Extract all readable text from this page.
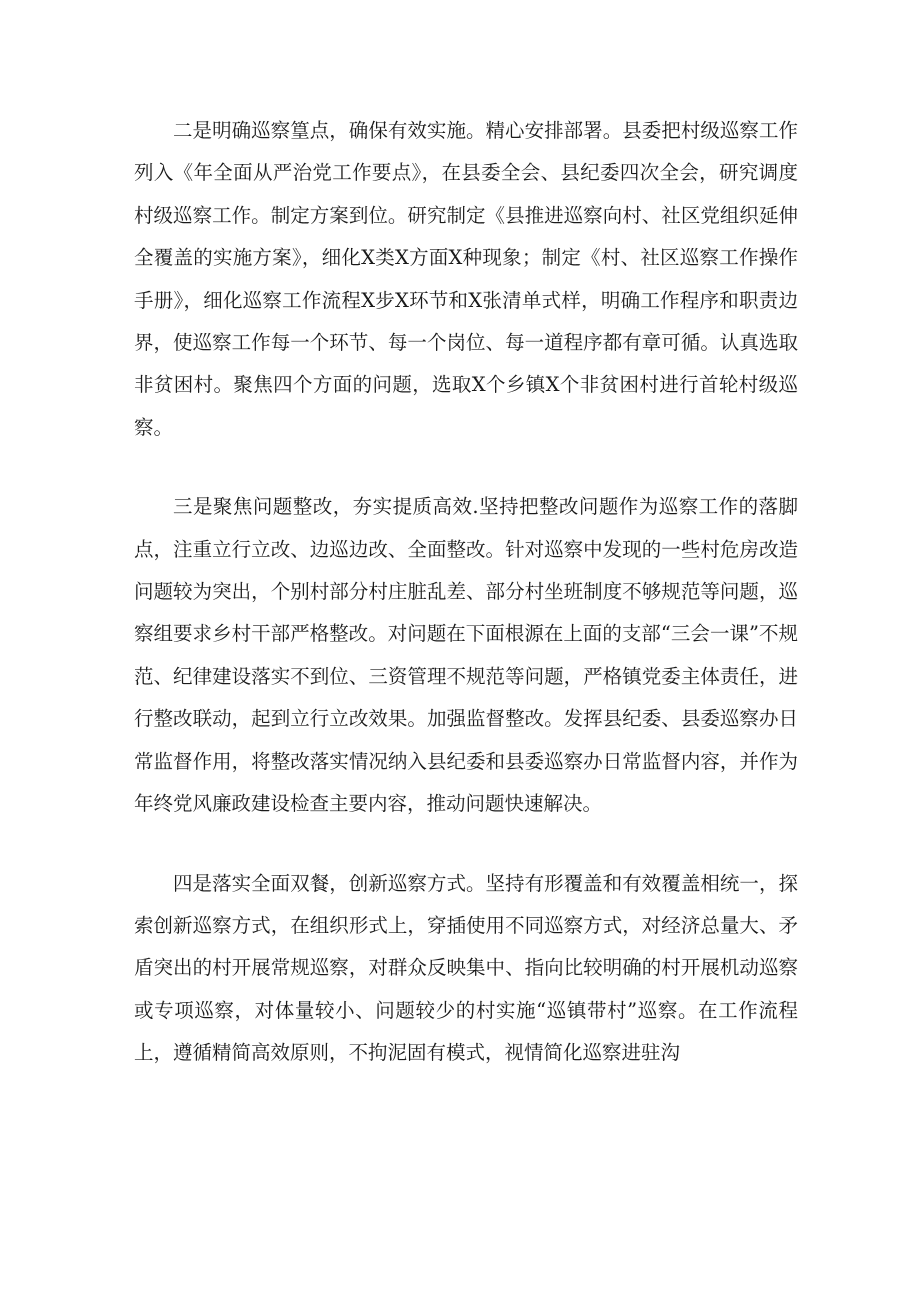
二是明确巡察篁点，确保有效实施。精心安排部署。县委把村级巡察工作列入《年全面从严治党工作要点》，在县委全会、县纪委四次全会，研究调度村级巡察工作。制定方案到位。研究制定《县推进巡察向村、社区党组织延伸全覆盖的实施方案》，细化X类X方面X种现象；制定《村、社区巡察工作操作手册》，细化巡察工作流程X步X环节和X张清单式样，明确工作程序和职责边界，使巡察工作每一个环节、每一个岗位、每一道程序都有章可循。认真选取非贫困村。聚焦四个方面的问题，选取X个乡镇X个非贫困村进行首轮村级巡察。

三是聚焦问题整改，夯实提质高效.坚持把整改问题作为巡察工作的落脚点，注重立行立改、边巡边改、全面整改。针对巡察中发现的一些村危房改造问题较为突出，个别村部分村庄脏乱差、部分村坐班制度不够规范等问题，巡察组要求乡村干部严格整改。对问题在下面根源在上面的支部“三会一课”不规范、纪律建设落实不到位、三资管理不规范等问题，严格镇党委主体责任，进行整改联动，起到立行立改效果。加强监督整改。发挥县纪委、县委巡察办日常监督作用，将整改落实情况纳入县纪委和县委巡察办日常监督内容，并作为年终党风廉政建设检查主要内容，推动问题快速解决。

四是落实全面双餐，创新巡察方式。坚持有形覆盖和有效覆盖相统一，探索创新巡察方式，在组织形式上，穿插使用不同巡察方式，对经济总量大、矛盾突出的村开展常规巡察，对群众反映集中、指向比较明确的村开展机动巡察或专项巡察，对体量较小、问题较少的村实施“巡镇带村”巡察。在工作流程上，遵循精简高效原则，不拘泥固有模式，视情简化巡察进驻沟
